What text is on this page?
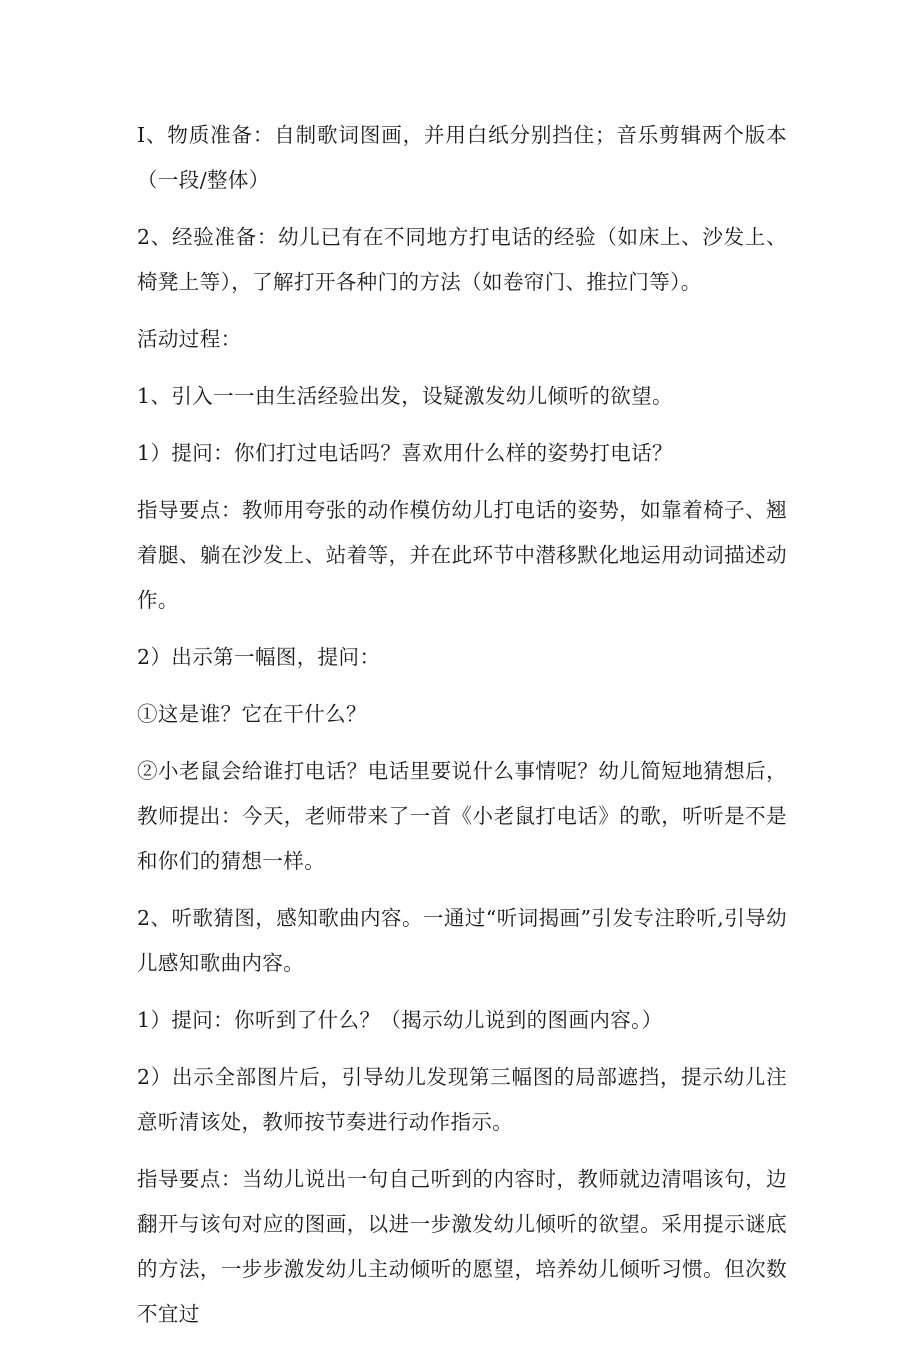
I、物质准备：自制歌词图画，并用白纸分别挡住；音乐剪辑两个版本（一段/整体）

2、经验准备：幼儿已有在不同地方打电话的经验（如床上、沙发上、椅凳上等），了解打开各种门的方法（如卷帘门、推拉门等）。

活动过程：

1、引入一一由生活经验出发，设疑激发幼儿倾听的欲望。

1）提问：你们打过电话吗？喜欢用什么样的姿势打电话？

指导要点：教师用夸张的动作模仿幼儿打电话的姿势，如靠着椅子、翘着腿、躺在沙发上、站着等，并在此环节中潜移默化地运用动词描述动作。

2）出示第一幅图，提问：

①这是谁？它在干什么？

②小老鼠会给谁打电话？电话里要说什么事情呢？幼儿简短地猜想后，教师提出：今天，老师带来了一首《小老鼠打电话》的歌，听听是不是和你们的猜想一样。

2、听歌猜图，感知歌曲内容。一通过“听词揭画”引发专注聆听,引导幼儿感知歌曲内容。

1）提问：你听到了什么？（揭示幼儿说到的图画内容。）

2）出示全部图片后，引导幼儿发现第三幅图的局部遮挡，提示幼儿注意听清该处，教师按节奏进行动作指示。

指导要点：当幼儿说出一句自己听到的内容时，教师就边清唱该句，边翻开与该句对应的图画，以进一步激发幼儿倾听的欲望。采用提示谜底的方法，一步步激发幼儿主动倾听的愿望，培养幼儿倾听习惯。但次数不宜过
